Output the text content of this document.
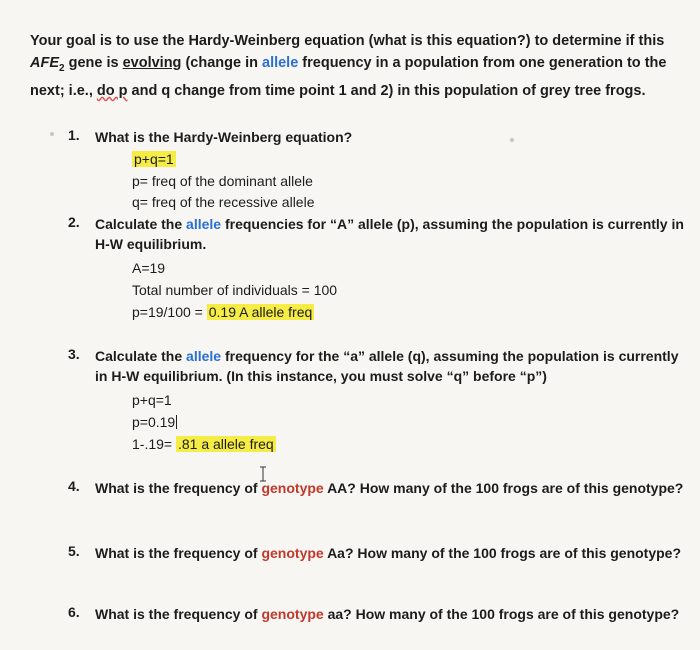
Your goal is to use the Hardy-Weinberg equation (what is this equation?) to determine if this $AFE_2$ gene is evolving (change in allele frequency in a population from one generation to the next; i.e., do p and q change from time point 1 and 2) in this population of grey tree frogs.
1. What is the Hardy-Weinberg equation?
p+q=1
p= freq of the dominant allele
q= freq of the recessive allele
2. Calculate the allele frequencies for “A” allele (p), assuming the population is currently in H-W equilibrium.
A=19
Total number of individuals = 100
p=19/100 = 0.19 A allele freq
3. Calculate the allele frequency for the “a” allele (q), assuming the population is currently in H-W equilibrium. (In this instance, you must solve “q” before “p”)
p+q=1
p=0.19
1-.19= .81 a allele freq
4. What is the frequency of genotype AA? How many of the 100 frogs are of this genotype?
5. What is the frequency of genotype Aa? How many of the 100 frogs are of this genotype?
6. What is the frequency of genotype aa? How many of the 100 frogs are of this genotype?
